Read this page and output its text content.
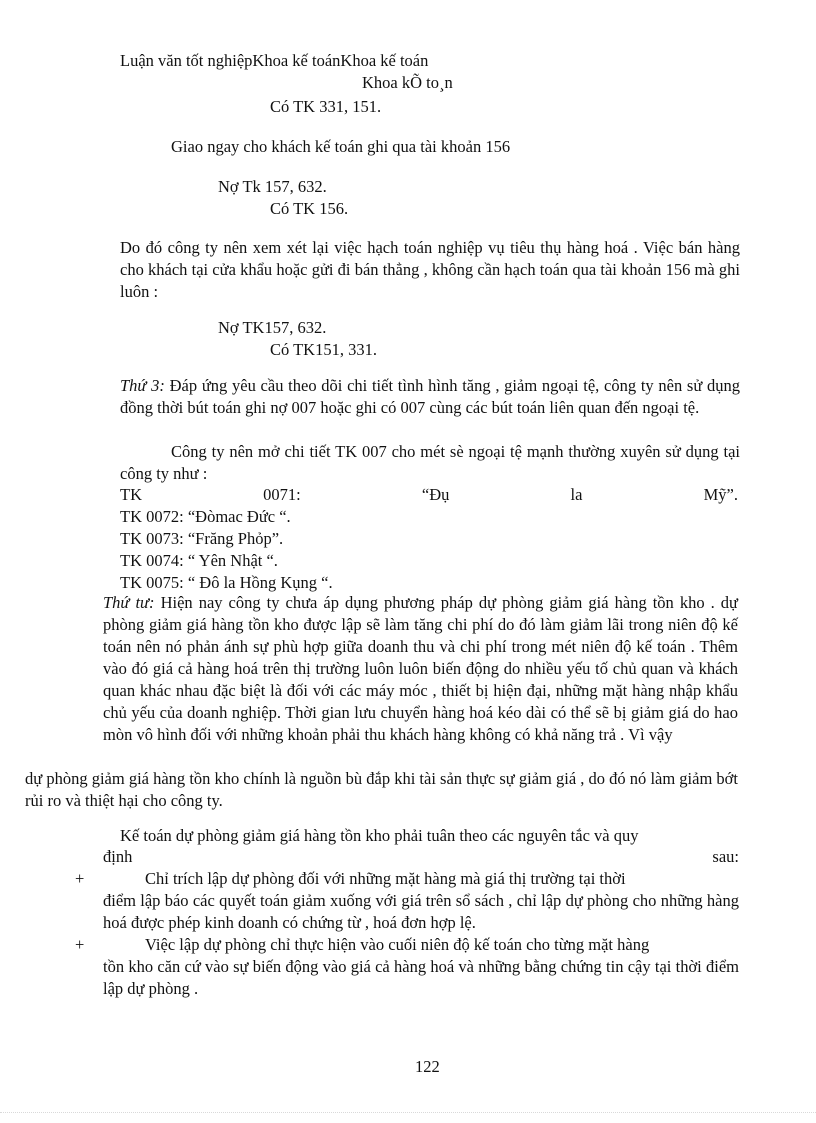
Luận văn tốt nghiệpKhoa kế toánKhoa kế toán
Khoa kÕ to¸n
Có TK 331, 151.
Giao ngay cho khách kế toán ghi qua tài khoản 156
Nợ Tk 157, 632.
Có TK 156.

Do đó công ty nên xem xét lại việc hạch toán nghiệp vụ tiêu thụ hàng hoá . Việc bán hàng cho khách tại cửa khẩu hoặc gửi đi bán thẳng , không cần hạch toán qua tài khoản 156 mà ghi luôn :

Nợ TK157, 632.
Có TK151, 331.

Thứ 3: Đáp ứng yêu cầu theo dõi chi tiết tình hình tăng , giảm ngoại tệ, công ty nên sử dụng đồng thời bút toán ghi nợ 007 hoặc ghi có 007 cùng các bút toán liên quan đến ngoại tệ.

Công ty nên mở chi tiết TK 007 cho mét sè ngoại tệ mạnh thường xuyên sử dụng tại công ty như :

TK	0071:	“Đụ	la	Mỹ”.
TK 0072: “Đòmac Đức “.
TK 0073: “Frăng Phỏp”.
TK 0074: “ Yên Nhật “.
TK 0075: “ Đô la Hồng Kụng “.

Thứ tư: Hiện nay công ty chưa áp dụng phương pháp dự phòng giảm giá hàng tồn kho . dự phòng giảm giá hàng tồn kho được lập sẽ làm tăng chi phí do đó làm giảm lãi trong niên độ kế toán nên nó phản ánh sự phù hợp giữa doanh thu và chi phí trong mét niên độ kế toán . Thêm vào đó giá cả hàng hoá trên thị trường luôn luôn biến động do nhiều yếu tố chủ quan và khách quan khác nhau đặc biệt là đối với các máy móc , thiết bị hiện đại, những mặt hàng nhập khẩu chủ yếu của doanh nghiệp. Thời gian lưu chuyển hàng hoá kéo dài có thể sẽ bị giảm giá do hao mòn vô hình đối với những khoản phải thu khách hàng không có khả năng trả . Vì vậy

dự phòng giảm giá hàng tồn kho chính là nguồn bù đắp khi tài sản thực sự giảm giá , do đó nó làm giảm bớt rủi ro và thiệt hại cho công ty.

Kế toán dự phòng giảm giá hàng tồn kho phải tuân theo các nguyên tắc và quy
định	sau:
+	Chỉ trích lập dự phòng đối với những mặt hàng mà giá thị trường tại thời

điểm lập báo các quyết toán giảm xuống với giá trên sổ sách , chỉ lập dự phòng cho những hàng hoá được phép kinh doanh có chứng từ , hoá đơn hợp lệ.

+	Việc lập dự phòng chỉ thực hiện vào cuối niên độ kế toán cho từng mặt hàng

tồn kho căn cứ vào sự biến động vào giá cả hàng hoá và những bằng chứng tin cậy tại thời điểm lập dự phòng .

122
